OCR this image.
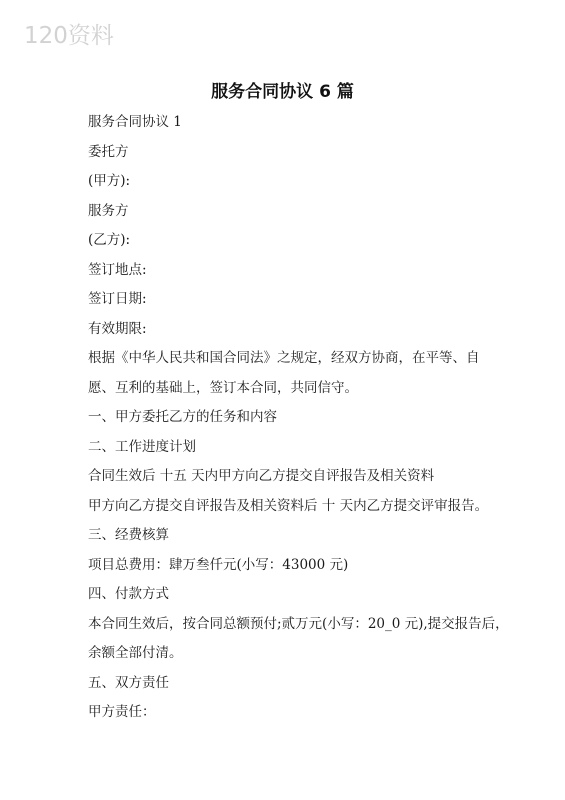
120资料
服务合同协议 6 篇

服务合同协议 1

委托方

(甲方):

服务方

(乙方):

签订地点:

签订日期:

有效期限:

根据《中华人民共和国合同法》之规定，经双方协商，在平等、自

愿、互利的基础上，签订本合同，共同信守。

一、甲方委托乙方的任务和内容

二、工作进度计划

合同生效后 十五 天内甲方向乙方提交自评报告及相关资料

甲方向乙方提交自评报告及相关资料后 十 天内乙方提交评审报告。

三、经费核算

项目总费用：肆万叁仟元(小写：43000 元)

四、付款方式

本合同生效后，按合同总额预付;贰万元(小写：20_0 元),提交报告后，

余额全部付清。

五、双方责任

甲方责任：
